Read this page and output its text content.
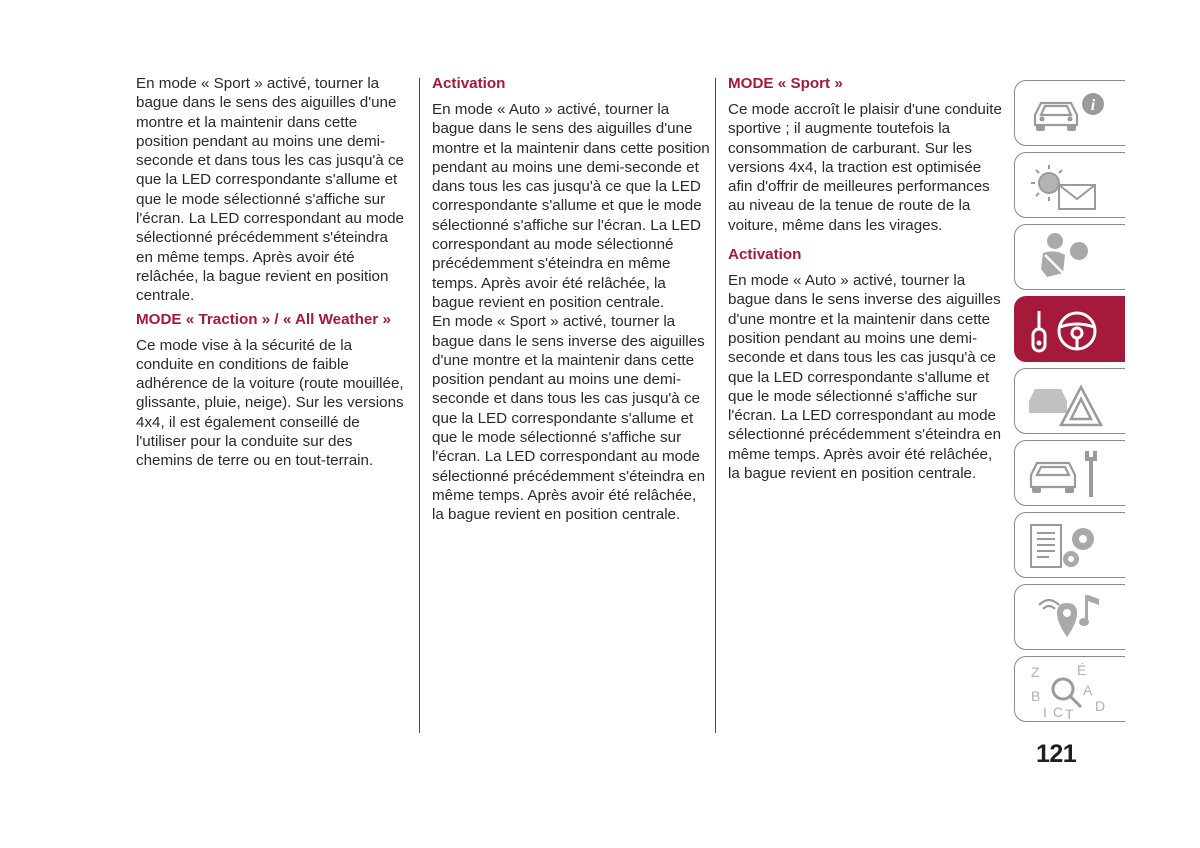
En mode « Sport » activé, tourner la bague dans le sens des aiguilles d'une montre et la maintenir dans cette position pendant au moins une demi-seconde et dans tous les cas jusqu'à ce que la LED correspondante s'allume et que le mode sélectionné s'affiche sur l'écran. La LED correspondant au mode sélectionné précédemment s'éteindra en même temps. Après avoir été relâchée, la bague revient en position centrale.

MODE « Traction » / « All Weather »

Ce mode vise à la sécurité de la conduite en conditions de faible adhérence de la voiture (route mouillée, glissante, pluie, neige). Sur les versions 4x4, il est également conseillé de l'utiliser pour la conduite sur des chemins de terre ou en tout-terrain.

Activation

En mode « Auto » activé, tourner la bague dans le sens des aiguilles d'une montre et la maintenir dans cette position pendant au moins une demi-seconde et dans tous les cas jusqu'à ce que la LED correspondante s'allume et que le mode sélectionné s'affiche sur l'écran. La LED correspondant au mode sélectionné précédemment s'éteindra en même temps. Après avoir été relâchée, la bague revient en position centrale.

En mode « Sport » activé, tourner la bague dans le sens inverse des aiguilles d'une montre et la maintenir dans cette position pendant au moins une demi-seconde et dans tous les cas jusqu'à ce que la LED correspondante s'allume et que le mode sélectionné s'affiche sur l'écran. La LED correspondant au mode sélectionné précédemment s'éteindra en même temps. Après avoir été relâchée, la bague revient en position centrale.

MODE « Sport »

Ce mode accroît le plaisir d'une conduite sportive ; il augmente toutefois la consommation de carburant. Sur les versions 4x4, la traction est optimisée afin d'offrir de meilleures performances au niveau de la tenue de route de la voiture, même dans les virages.

Activation

En mode « Auto » activé, tourner la bague dans le sens inverse des aiguilles d'une montre et la maintenir dans cette position pendant au moins une demi-seconde et dans tous les cas jusqu'à ce que la LED correspondante s'allume et que le mode sélectionné s'affiche sur l'écran. La LED correspondant au mode sélectionné précédemment s'éteindra en même temps. Après avoir été relâchée, la bague revient en position centrale.

i
Z	É
B	A
D
I C T
121
